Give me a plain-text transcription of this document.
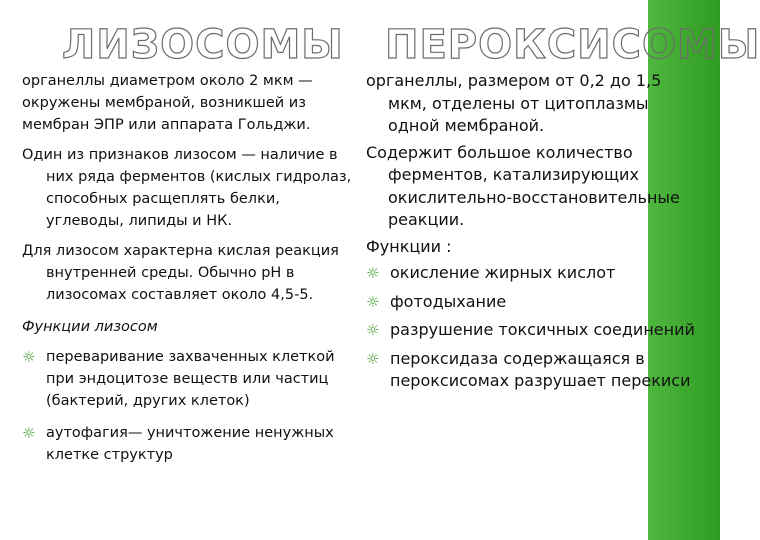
ЛИЗОСОМЫ ПЕРОКСИСОМЫ

органеллы диаметром около 2 мкм — окружены мембраной, возникшей из мембран ЭПР или аппарата Гольджи.

Один из признаков лизосом — наличие в них ряда ферментов (кислых гидролаз, способных расщеплять белки, углеводы, липиды и НК.

Для лизосом характерна кислая реакция внутренней среды. Обычно pH в лизосомах составляет около 4,5-5.

Функции лизосом

☼ переваривание захваченных клеткой при эндоцитозе веществ или частиц (бактерий, других клеток)
☼ аутофагия— уничтожение ненужных клетке структур

органеллы, размером от 0,2 до 1,5 мкм, отделены от цитоплазмы одной мембраной.

Содержит большое количество ферментов, катализирующих окислительно-восстановительные реакции.

Функции :

☼ окисление жирных кислот
☼ фотодыхание
☼ разрушение токсичных соединений
☼ пероксидаза содержащаяся в пероксисомах разрушает перекиси
